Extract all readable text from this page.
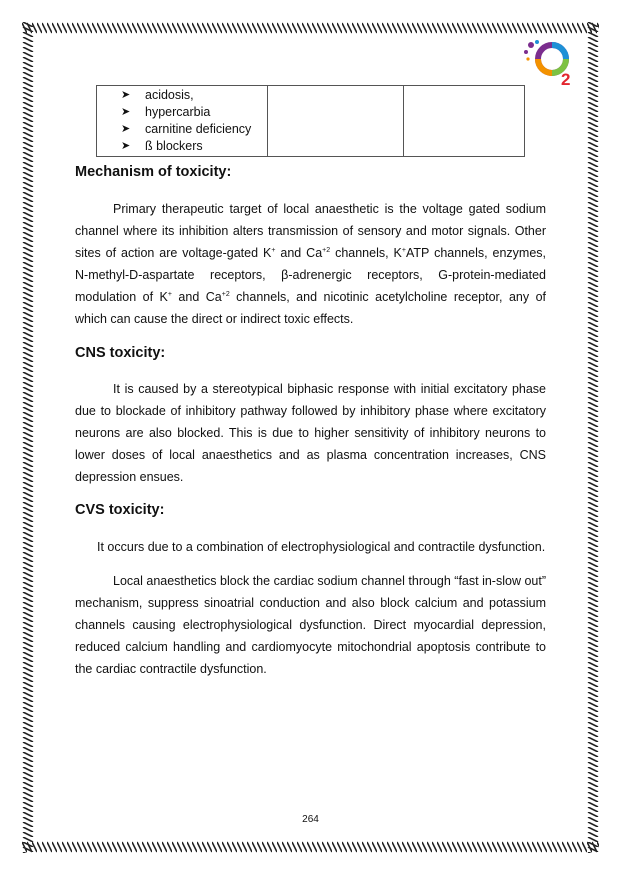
2
➤ acidosis,
➤ hypercarbia
➤ carnitine deficiency
➤ ß blockers

Mechanism of toxicity:

Primary therapeutic target of local anaesthetic is the voltage gated sodium channel where its inhibition alters transmission of sensory and motor signals. Other sites of action are voltage-gated K+ and $Ca^{+2}$ channels, K+ATP channels, enzymes, N-methyl-D-aspartate receptors, β-adrenergic receptors, G-protein-mediated modulation of K+ and $Ca^{+2}$ channels, and nicotinic acetylcholine receptor, any of which can cause the direct or indirect toxic effects.

CNS toxicity:

It is caused by a stereotypical biphasic response with initial excitatory phase due to blockade of inhibitory pathway followed by inhibitory phase where excitatory neurons are also blocked. This is due to higher sensitivity of inhibitory neurons to lower doses of local anaesthetics and as plasma concentration increases, CNS depression ensues.

CVS toxicity:

It occurs due to a combination of electrophysiological and contractile dysfunction.

Local anaesthetics block the cardiac sodium channel through “fast in-slow out” mechanism, suppress sinoatrial conduction and also block calcium and potassium channels causing electrophysiological dysfunction. Direct myocardial depression, reduced calcium handling and cardiomyocyte mitochondrial apoptosis contribute to the cardiac contractile dysfunction.

264
